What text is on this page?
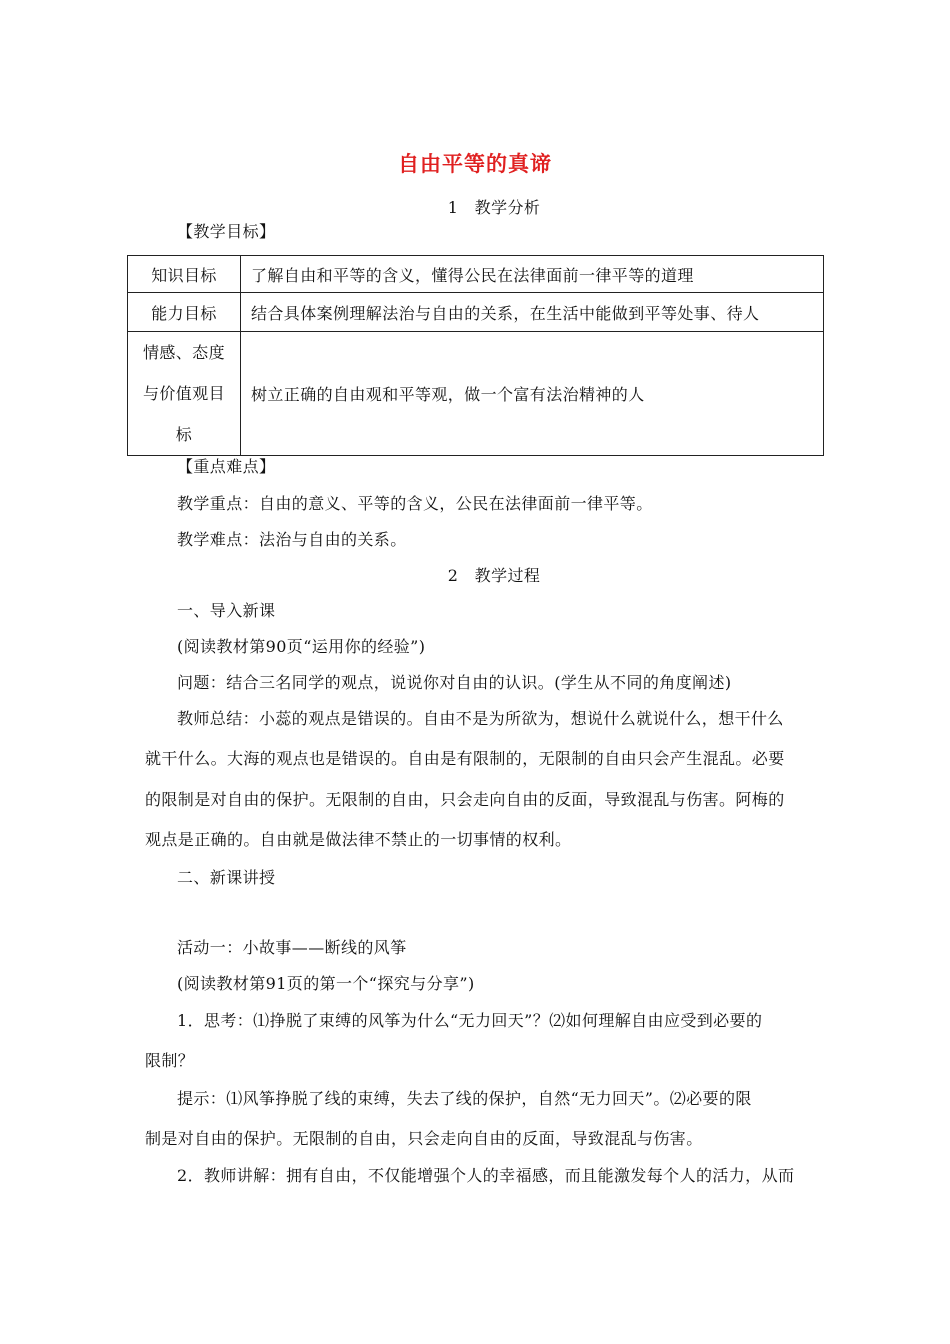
自由平等的真谛
1　教学分析
【教学目标】
知识目标	了解自由和平等的含义，懂得公民在法律面前一律平等的道理
能力目标	结合具体案例理解法治与自由的关系，在生活中能做到平等处事、待人
情感、态度
与价值观目
标	树立正确的自由观和平等观，做一个富有法治精神的人
【重点难点】
教学重点：自由的意义、平等的含义，公民在法律面前一律平等。
教学难点：法治与自由的关系。
2　教学过程
一、导入新课
(阅读教材第90页“运用你的经验”)
问题：结合三名同学的观点，说说你对自由的认识。(学生从不同的角度阐述)
教师总结：小蕊的观点是错误的。自由不是为所欲为，想说什么就说什么，想干什么
就干什么。大海的观点也是错误的。自由是有限制的，无限制的自由只会产生混乱。必要
的限制是对自由的保护。无限制的自由，只会走向自由的反面，导致混乱与伤害。阿梅的
观点是正确的。自由就是做法律不禁止的一切事情的权利。
二、新课讲授
活动一：小故事——断线的风筝
(阅读教材第91页的第一个“探究与分享”)
1．思考：⑴挣脱了束缚的风筝为什么“无力回天”？⑵如何理解自由应受到必要的
限制？
提示：⑴风筝挣脱了线的束缚，失去了线的保护，自然“无力回天”。⑵必要的限
制是对自由的保护。无限制的自由，只会走向自由的反面，导致混乱与伤害。
2．教师讲解：拥有自由，不仅能增强个人的幸福感，而且能激发每个人的活力，从而
